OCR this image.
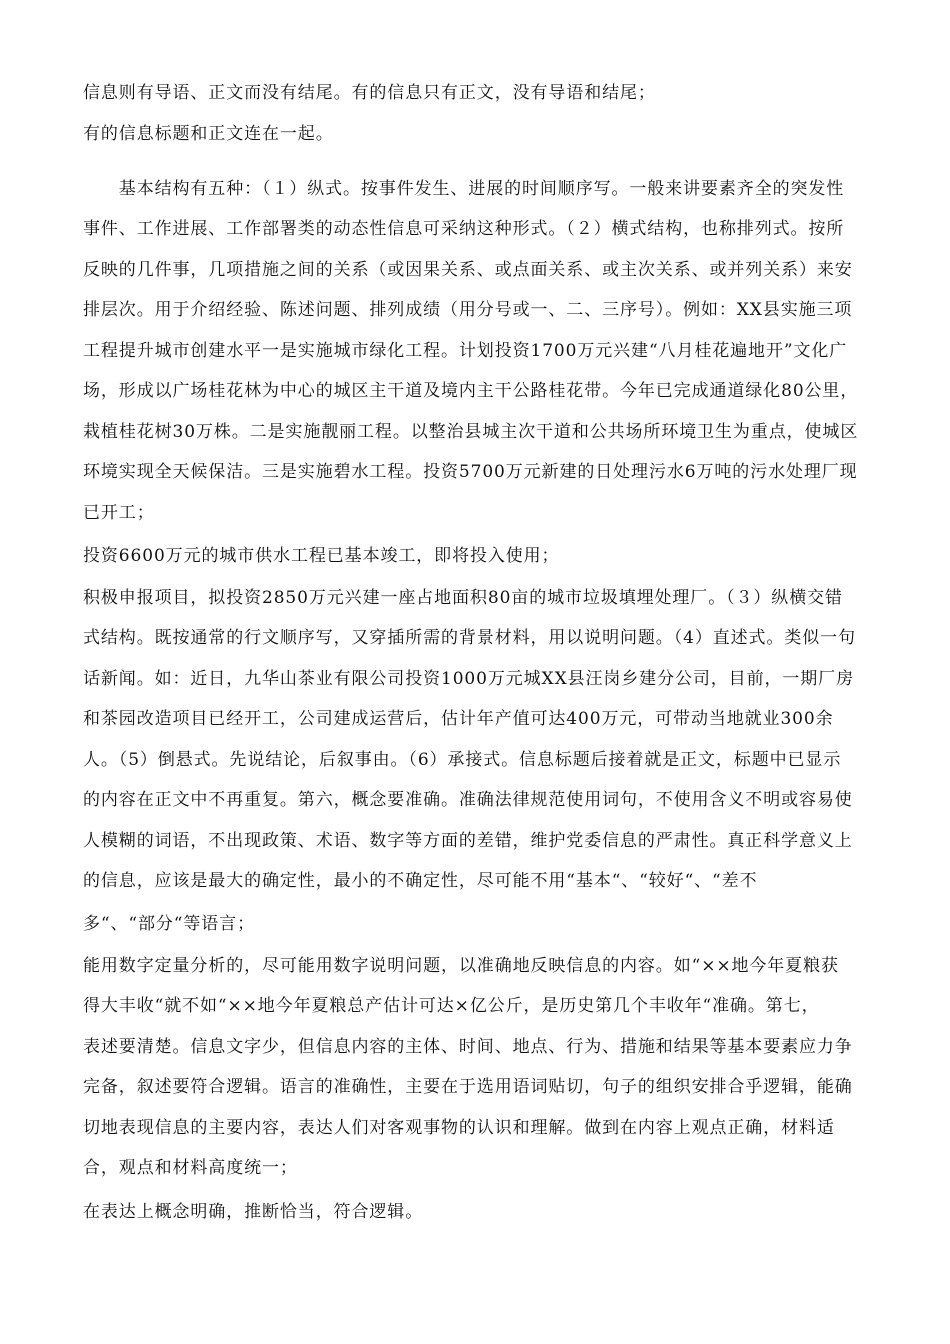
信息则有导语、正文而没有结尾。有的信息只有正文，没有导语和结尾；
有的信息标题和正文连在一起。
　　基本结构有五种：（１）纵式。按事件发生、进展的时间顺序写。一般来讲要素齐全的突发性
事件、工作进展、工作部署类的动态性信息可采纳这种形式。（２）横式结构，也称排列式。按所
反映的几件事，几项措施之间的关系（或因果关系、或点面关系、或主次关系、或并列关系）来安
排层次。用于介绍经验、陈述问题、排列成绩（用分号或一、二、三序号）。例如：XX县实施三项
工程提升城市创建水平一是实施城市绿化工程。计划投资1700万元兴建“八月桂花遍地开”文化广
场，形成以广场桂花林为中心的城区主干道及境内主干公路桂花带。今年已完成通道绿化80公里，
栽植桂花树30万株。二是实施靓丽工程。以整治县城主次干道和公共场所环境卫生为重点，使城区
环境实现全天候保洁。三是实施碧水工程。投资5700万元新建的日处理污水6万吨的污水处理厂现
已开工；
投资6600万元的城市供水工程已基本竣工，即将投入使用；
积极申报项目，拟投资2850万元兴建一座占地面积80亩的城市垃圾填埋处理厂。（３）纵横交错
式结构。既按通常的行文顺序写，又穿插所需的背景材料，用以说明问题。（4）直述式。类似一句
话新闻。如：近日，九华山茶业有限公司投资1000万元城XX县汪岗乡建分公司，目前，一期厂房
和茶园改造项目已经开工，公司建成运营后，估计年产值可达400万元，可带动当地就业300余
人。（5）倒悬式。先说结论，后叙事由。（6）承接式。信息标题后接着就是正文，标题中已显示
的内容在正文中不再重复。第六，概念要准确。准确法律规范使用词句，不使用含义不明或容易使
人模糊的词语，不出现政策、术语、数字等方面的差错，维护党委信息的严肃性。真正科学意义上
的信息，应该是最大的确定性，最小的不确定性，尽可能不用“基本“、“较好“、“差不
多“、“部分“等语言；
能用数字定量分析的，尽可能用数字说明问题，以准确地反映信息的内容。如“××地今年夏粮获
得大丰收“就不如“××地今年夏粮总产估计可达×亿公斤，是历史第几个丰收年“准确。第七，
表述要清楚。信息文字少，但信息内容的主体、时间、地点、行为、措施和结果等基本要素应力争
完备，叙述要符合逻辑。语言的准确性，主要在于选用语词贴切，句子的组织安排合乎逻辑，能确
切地表现信息的主要内容，表达人们对客观事物的认识和理解。做到在内容上观点正确，材料适
合，观点和材料高度统一；
在表达上概念明确，推断恰当，符合逻辑。
